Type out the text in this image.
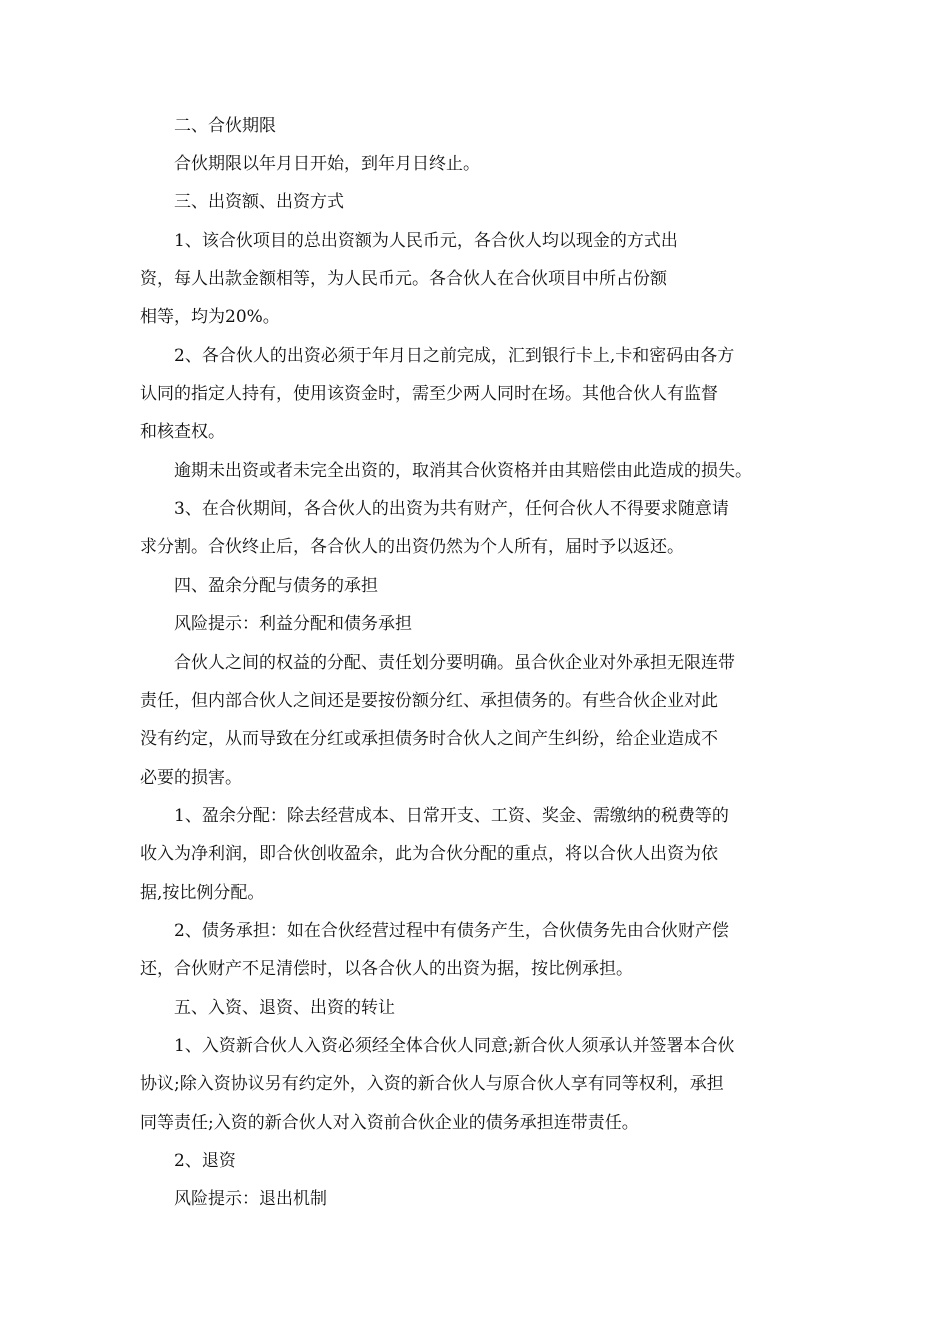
二、合伙期限
合伙期限以年月日开始，到年月日终止。
三、出资额、出资方式
1、该合伙项目的总出资额为人民币元，各合伙人均以现金的方式出
资，每人出款金额相等，为人民币元。各合伙人在合伙项目中所占份额
相等，均为20%。
2、各合伙人的出资必须于年月日之前完成，汇到银行卡上,卡和密码由各方
认同的指定人持有，使用该资金时，需至少两人同时在场。其他合伙人有监督
和核查权。
逾期未出资或者未完全出资的，取消其合伙资格并由其赔偿由此造成的损失。
3、在合伙期间，各合伙人的出资为共有财产，任何合伙人不得要求随意请
求分割。合伙终止后，各合伙人的出资仍然为个人所有，届时予以返还。
四、盈余分配与债务的承担
风险提示：利益分配和债务承担
合伙人之间的权益的分配、责任划分要明确。虽合伙企业对外承担无限连带
责任，但内部合伙人之间还是要按份额分红、承担债务的。有些合伙企业对此
没有约定，从而导致在分红或承担债务时合伙人之间产生纠纷，给企业造成不
必要的损害。
1、盈余分配：除去经营成本、日常开支、工资、奖金、需缴纳的税费等的
收入为净利润，即合伙创收盈余，此为合伙分配的重点，将以合伙人出资为依
据,按比例分配。
2、债务承担：如在合伙经营过程中有债务产生，合伙债务先由合伙财产偿
还，合伙财产不足清偿时，以各合伙人的出资为据，按比例承担。
五、入资、退资、出资的转让
1、入资新合伙人入资必须经全体合伙人同意;新合伙人须承认并签署本合伙
协议;除入资协议另有约定外，入资的新合伙人与原合伙人享有同等权利，承担
同等责任;入资的新合伙人对入资前合伙企业的债务承担连带责任。
2、退资
风险提示：退出机制
